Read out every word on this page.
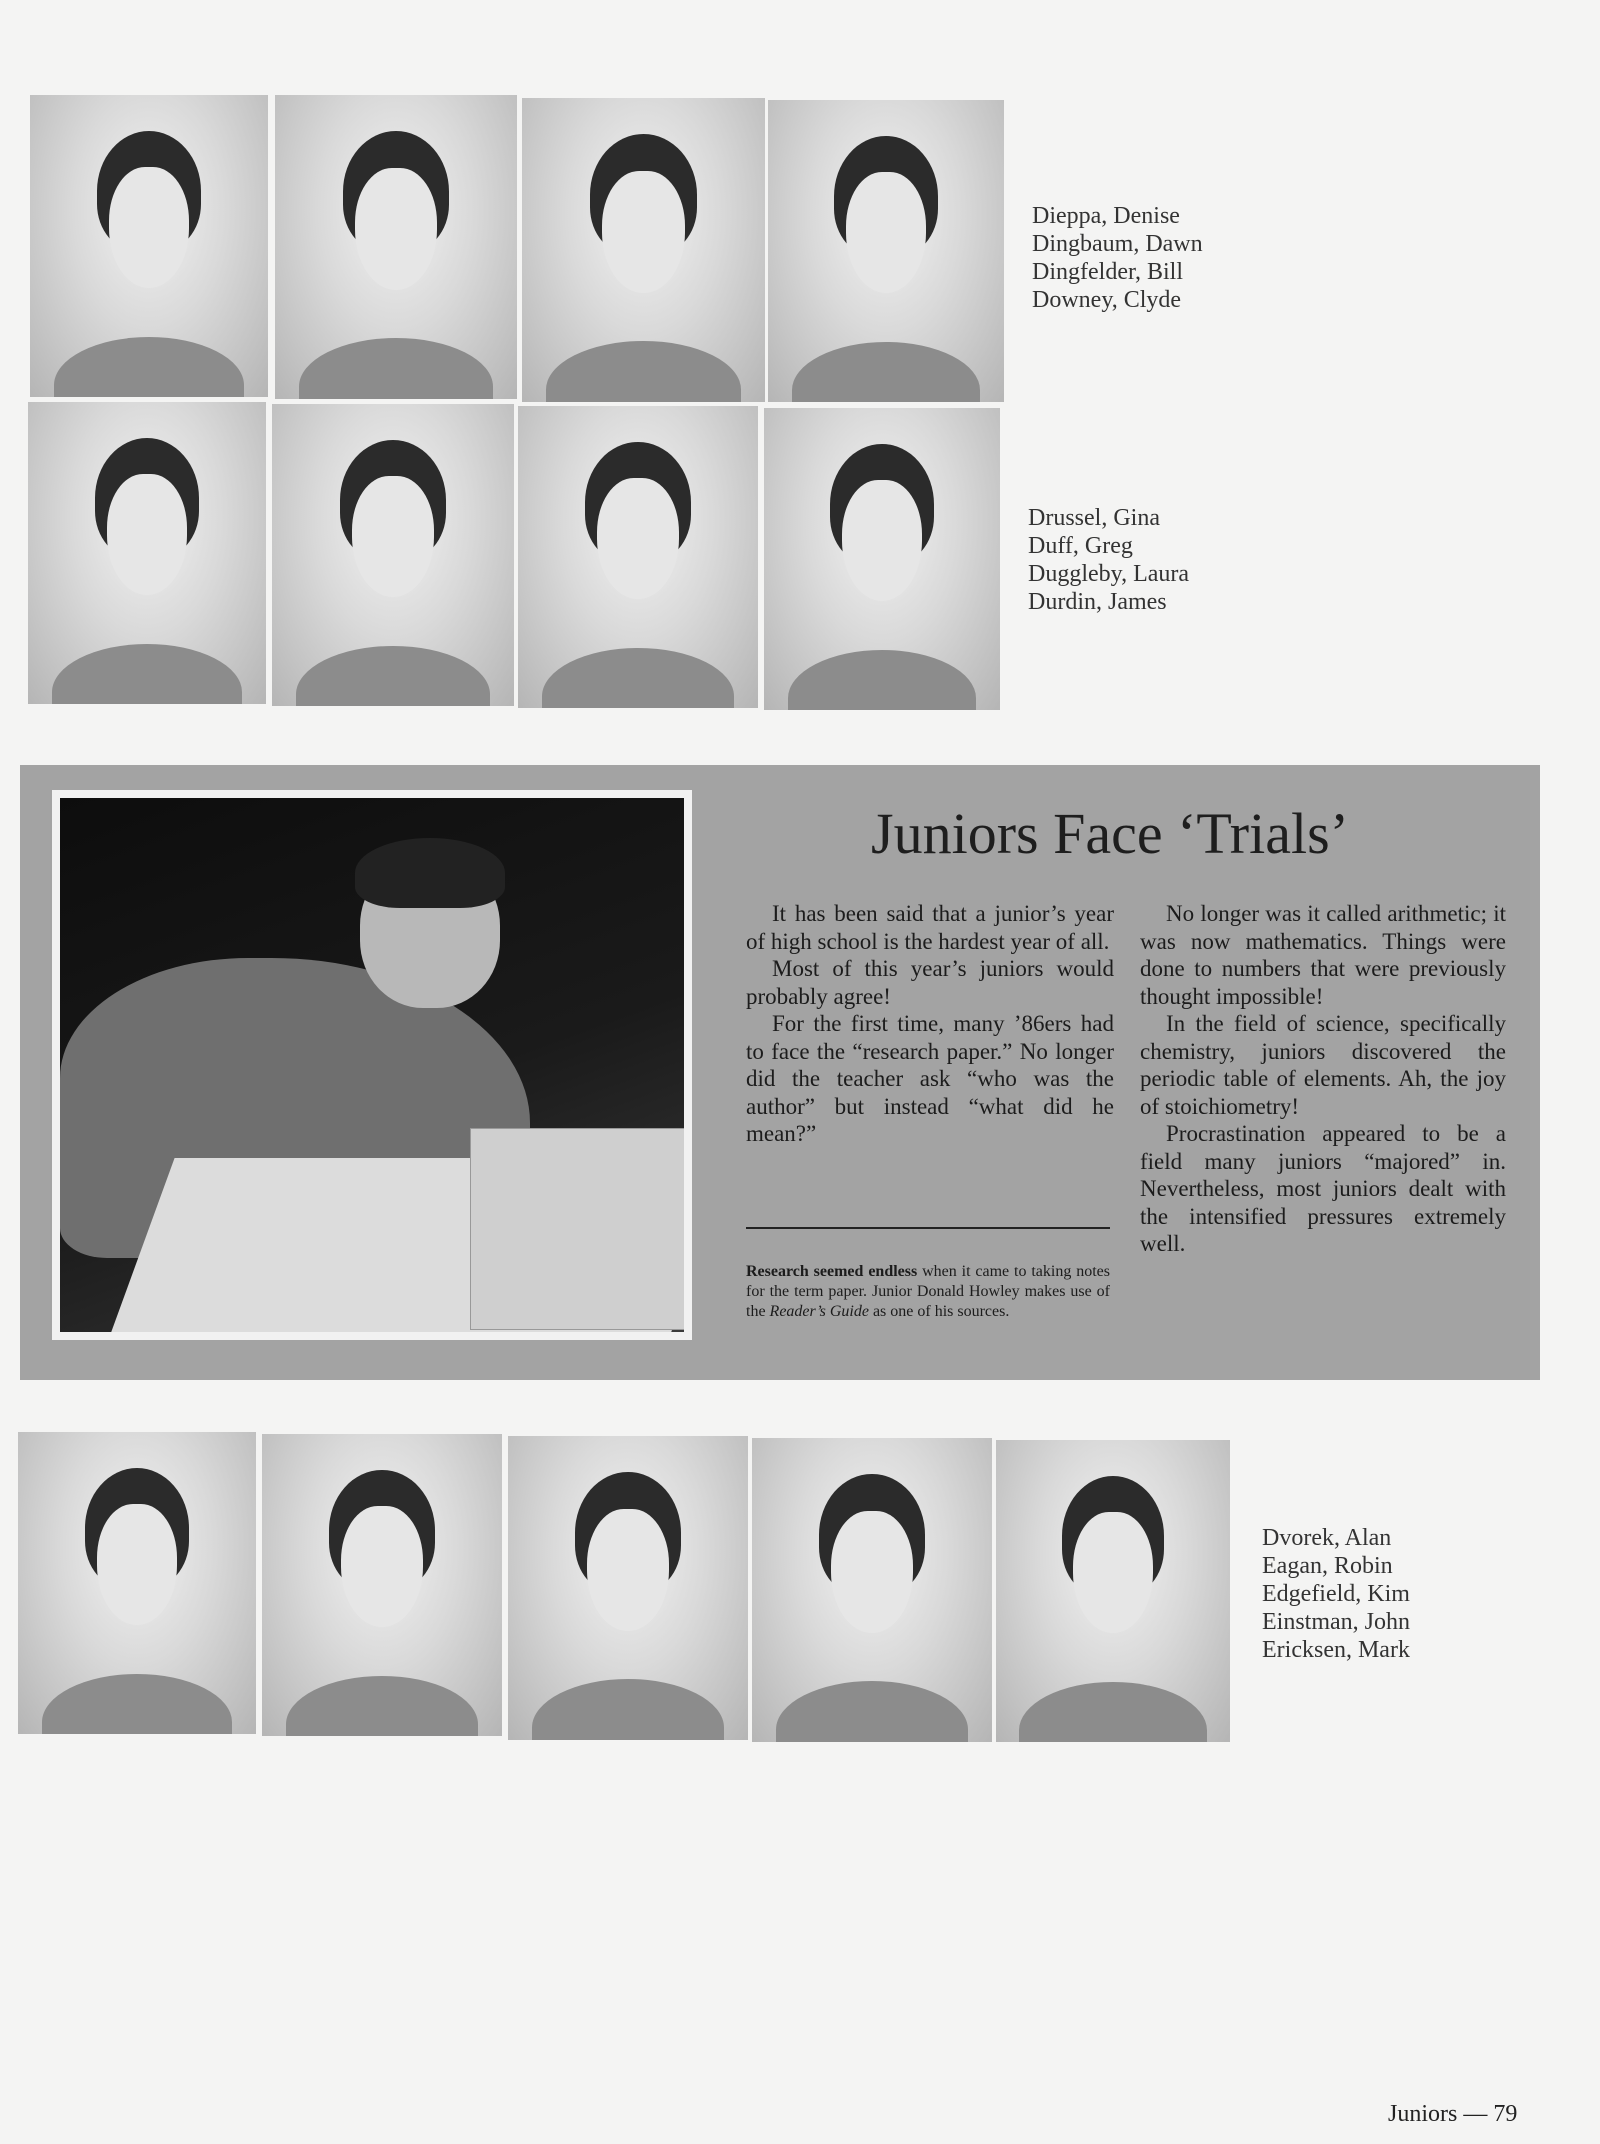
Dieppa, Denise
Dingbaum, Dawn
Dingfelder, Bill
Downey, Clyde
Drussel, Gina
Duff, Greg
Duggleby, Laura
Durdin, James
Juniors Face ‘Trials’

It has been said that a junior’s year of high school is the hardest year of all.

Most of this year’s juniors would probably agree!

For the first time, many ’86ers had to face the “research paper.” No longer did the teacher ask “who was the author” but instead “what did he mean?”

Research seemed endless when it came to taking notes for the term paper. Junior Donald Howley makes use of the Reader’s Guide as one of his sources.

No longer was it called arithmetic; it was now mathematics. Things were done to numbers that were previously thought impossible!

In the field of science, specifically chemistry, juniors discovered the periodic table of elements. Ah, the joy of stoichiometry!

Procrastination appeared to be a field many juniors “majored” in. Nevertheless, most juniors dealt with the intensified pressures extremely well.

Dvorek, Alan
Eagan, Robin
Edgefield, Kim
Einstman, John
Ericksen, Mark
Juniors — 79
